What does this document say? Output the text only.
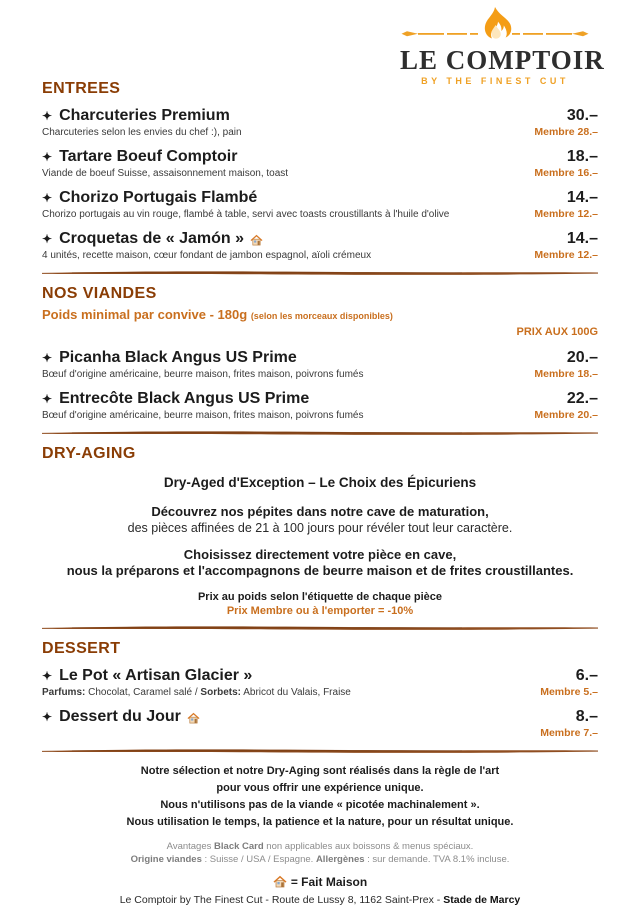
LE COMPTOIR
BY THE FINEST CUT
ENTREES
✦ Charcuteries Premium
Charcuteries selon les envies du chef :), pain
30.–
Membre 28.–
✦ Tartare Boeuf Comptoir
Viande de boeuf Suisse, assaisonnement maison, toast
18.–
Membre 16.–
✦ Chorizo Portugais Flambé
Chorizo portugais au vin rouge, flambé à table, servi avec toasts croustillants à l'huile d'olive
14.–
Membre 12.–
✦ Croquetas de « Jamón »
4 unités, recette maison, cœur fondant de jambon espagnol, aïoli crémeux
14.–
Membre 12.–
NOS VIANDES
Poids minimal par convive - 180g (selon les morceaux disponibles)
PRIX AUX 100G
✦ Picanha Black Angus US Prime
Bœuf d'origine américaine, beurre maison, frites maison, poivrons fumés
20.–
Membre 18.–
✦ Entrecôte Black Angus US Prime
Bœuf d'origine américaine, beurre maison, frites maison, poivrons fumés
22.–
Membre 20.–
DRY-AGING
Dry-Aged d'Exception – Le Choix des Épicuriens
Découvrez nos pépites dans notre cave de maturation,
des pièces affinées de 21 à 100 jours pour révéler tout leur caractère.
Choisissez directement votre pièce en cave,
nous la préparons et l'accompagnons de beurre maison et de frites croustillantes.
Prix au poids selon l'étiquette de chaque pièce
Prix Membre ou à l'emporter = -10%
DESSERT
✦ Le Pot « Artisan Glacier »
Parfums: Chocolat, Caramel salé / Sorbets: Abricot du Valais, Fraise
6.–
Membre 5.–
✦ Dessert du Jour	8.–
Membre 7.–
Notre sélection et notre Dry-Aging sont réalisés dans la règle de l'art
pour vous offrir une expérience unique.
Nous n'utilisons pas de la viande « picotée machinalement ».
Nous utilisation le temps, la patience et la nature, pour un résultat unique.
Avantages Black Card non applicables aux boissons & menus spéciaux.
Origine viandes : Suisse / USA / Espagne. Allergènes : sur demande. TVA 8.1% incluse.
= Fait Maison
Le Comptoir by The Finest Cut - Route de Lussy 8, 1162 Saint-Prex - Stade de Marcy
